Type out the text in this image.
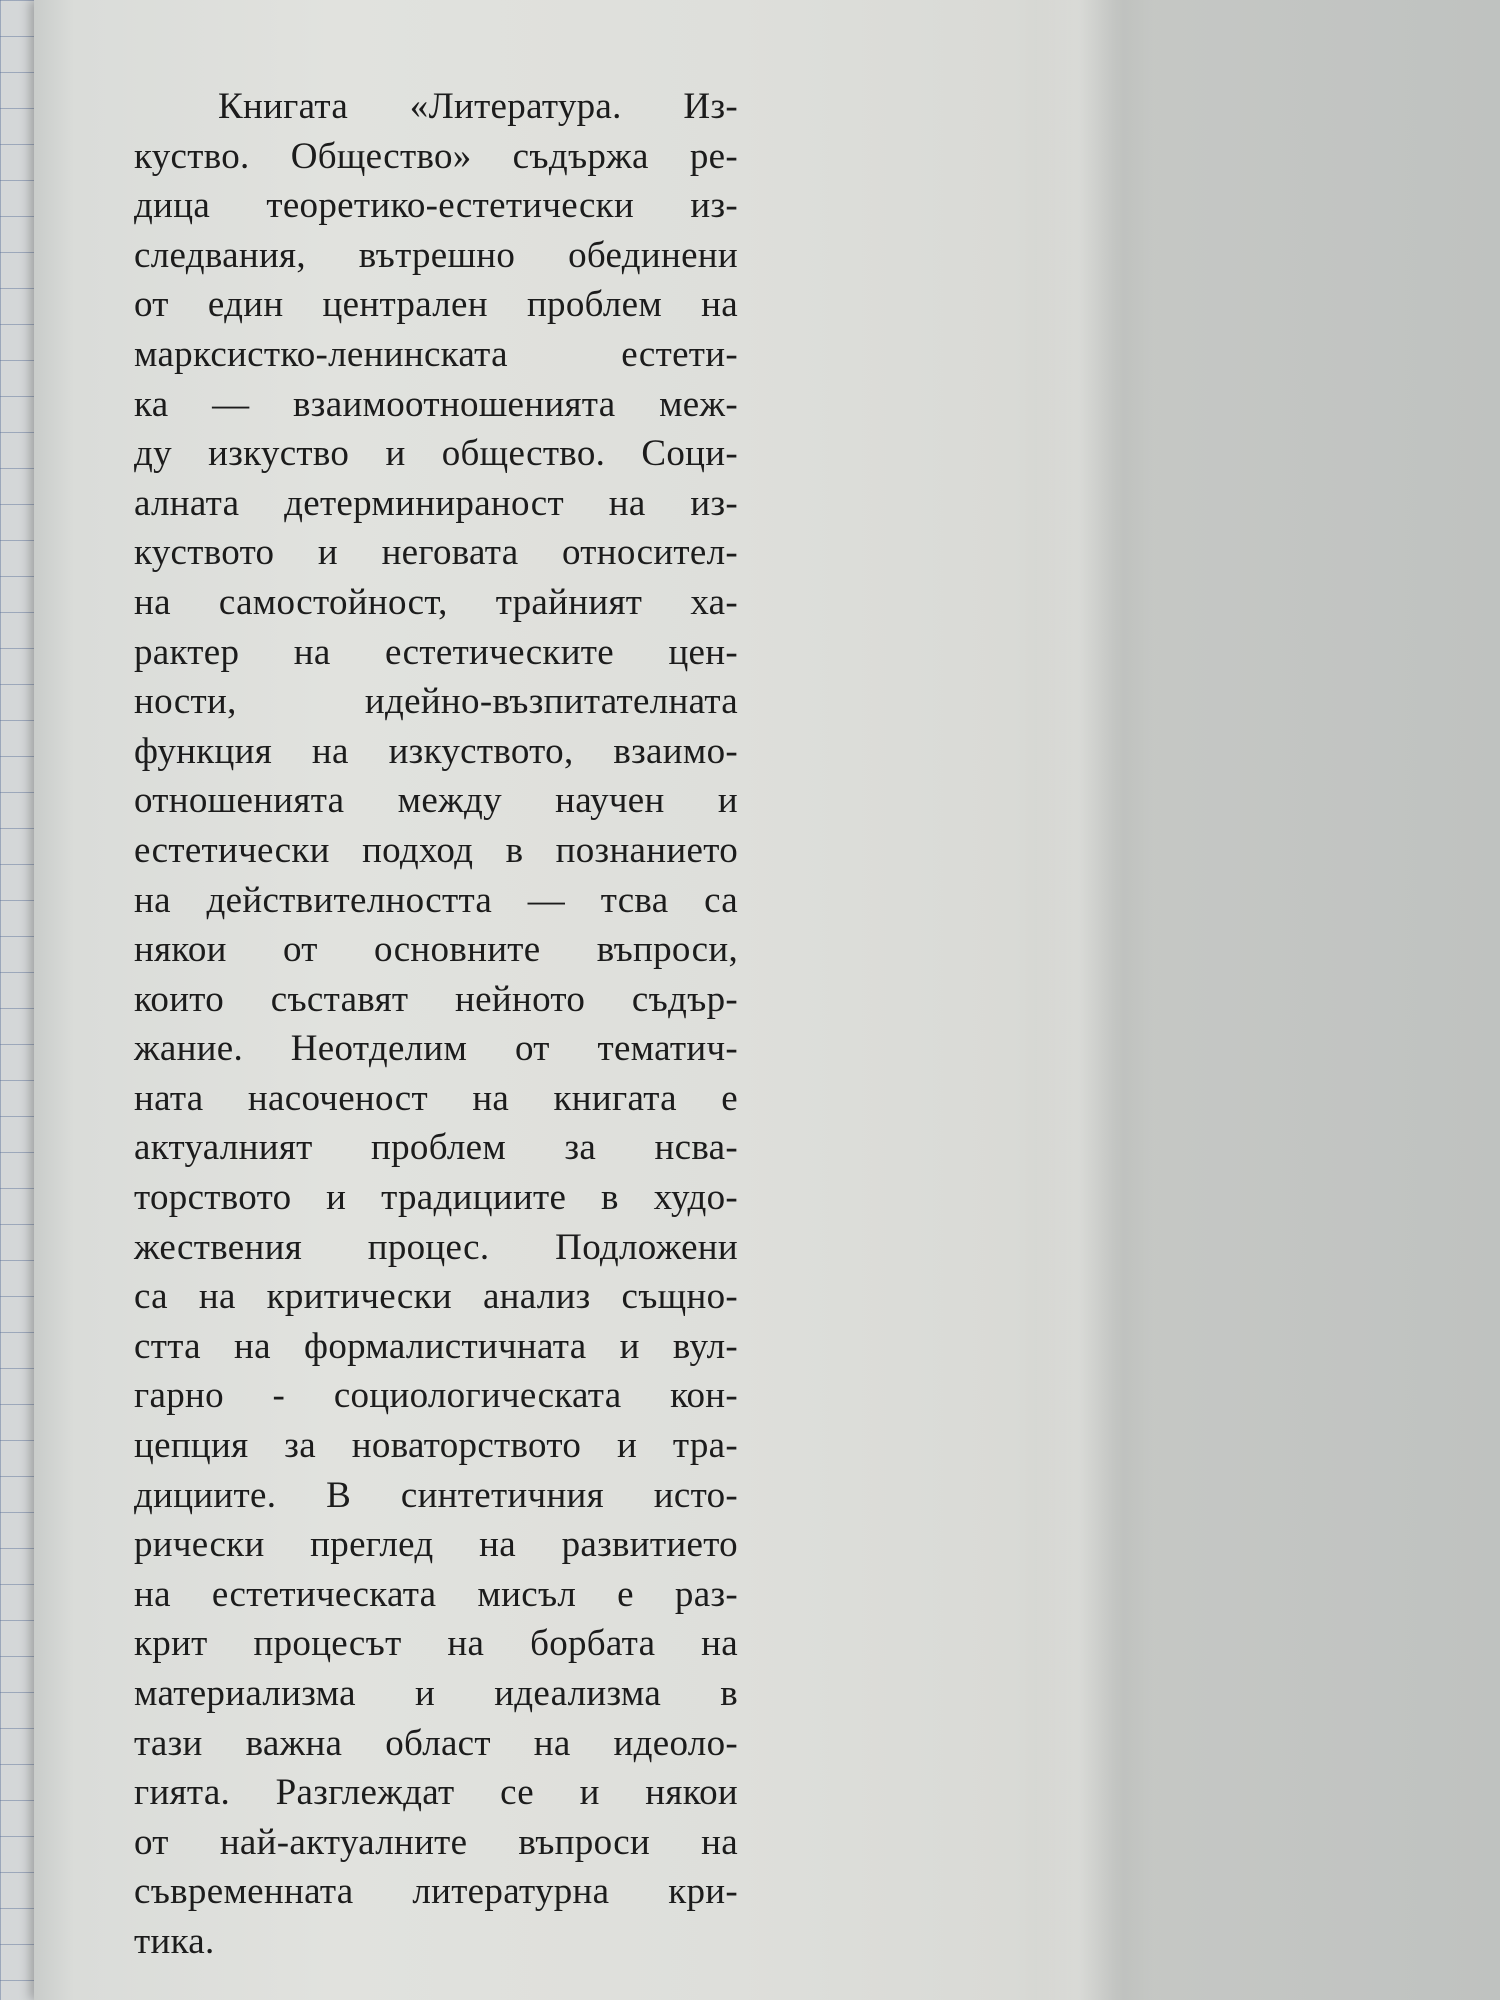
Книгата «Литература. Из-
куство. Общество» съдържа ре-
дица теоретико-естетически из-
следвания, вътрешно обединени
от един централен проблем на
марксистко-ленинската естети-
ка — взаимоотношенията меж-
ду изкуство и общество. Соци-
алната детерминираност на из-
куството и неговата относител-
на самостойност, трайният ха-
рактер на естетическите цен-
ности, идейно-възпитателната
функция на изкуството, взаимо-
отношенията между научен и
естетически подход в познанието
на действителността — тсва са
някои от основните въпроси,
които съставят нейното съдър-
жание. Неотделим от тематич-
ната насоченост на книгата е
актуалният проблем за нсва-
торството и традициите в худо-
жествения процес. Подложени
са на критически анализ същно-
стта на формалистичната и вул-
гарно - социологическата кон-
цепция за новаторството и тра-
дициите. В синтетичния исто-
рически преглед на развитието
на естетическата мисъл е раз-
крит процесът на борбата на
материализма и идеализма в
тази важна област на идеоло-
гията. Разглеждат се и някои
от най-актуалните въпроси на
съвременната литературна кри-
тика.
